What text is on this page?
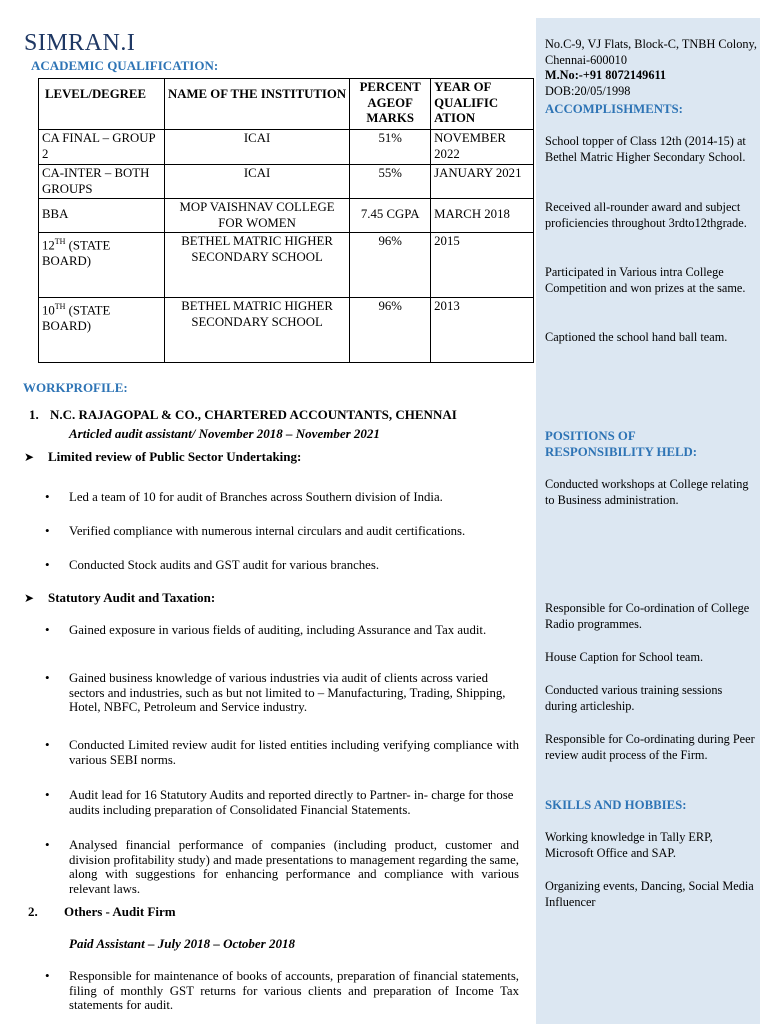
No.C-9, VJ Flats, Block-C, TNBH Colony, Chennai-600010

M.No:-+91 8072149611

DOB:20/05/1998

ACCOMPLISHMENTS:
School topper of Class 12th (2014-15) at Bethel Matric Higher Secondary School.
Received all-rounder award and subject proficiencies throughout 3rdto12thgrade.
Participated in Various intra College Competition and won prizes at the same.
Captioned the school hand ball team.
POSITIONS OF RESPONSIBILITY HELD:
Conducted workshops at College relating to Business administration.
Responsible for Co-ordination of College Radio programmes.
House Caption for School team.
Conducted various training sessions during articleship.
Responsible for Co-ordinating during Peer review audit process of the Firm.
SKILLS AND HOBBIES:
Working knowledge in Tally ERP, Microsoft Office and SAP.
Organizing events, Dancing, Social Media Influencer
SIMRAN.I
ACADEMIC QUALIFICATION:
LEVEL/DEGREE	NAME OF THE INSTITUTION	PERCENT AGEOF MARKS	YEAR OF QUALIFIC ATION
CA FINAL – GROUP 2	ICAI	51%	NOVEMBER 2022
CA-INTER – BOTH GROUPS	ICAI	55%	JANUARY 2021
BBA	MOP VAISHNAV COLLEGE FOR WOMEN	7.45 CGPA	MARCH 2018
12TH (STATE BOARD)	BETHEL MATRIC HIGHER SECONDARY SCHOOL	96%	2015
10TH (STATE BOARD)	BETHEL MATRIC HIGHER SECONDARY SCHOOL	96%	2013
WORKPROFILE:
1. N.C. RAJAGOPAL & CO., CHARTERED ACCOUNTANTS, CHENNAI
Articled audit assistant/ November 2018 – November 2021
➤ Limited review of Public Sector Undertaking:
• Led a team of 10 for audit of Branches across Southern division of India.
• Verified compliance with numerous internal circulars and audit certifications.
• Conducted Stock audits and GST audit for various branches.
➤ Statutory Audit and Taxation:
• Gained exposure in various fields of auditing, including Assurance and Tax audit.
• Gained business knowledge of various industries via audit of clients across varied sectors and industries, such as but not limited to – Manufacturing, Trading, Shipping, Hotel, NBFC, Petroleum and Service industry.
• Conducted Limited review audit for listed entities including verifying compliance with various SEBI norms.
• Audit lead for 16 Statutory Audits and reported directly to Partner- in- charge for those audits including preparation of Consolidated Financial Statements.
• Analysed financial performance of companies (including product, customer and division profitability study) and made presentations to management regarding the same, along with suggestions for enhancing performance and compliance with various relevant laws.
2. Others - Audit Firm
Paid Assistant – July 2018 – October 2018
• Responsible for maintenance of books of accounts, preparation of financial statements, filing of monthly GST returns for various clients and preparation of Income Tax statements for audit.
